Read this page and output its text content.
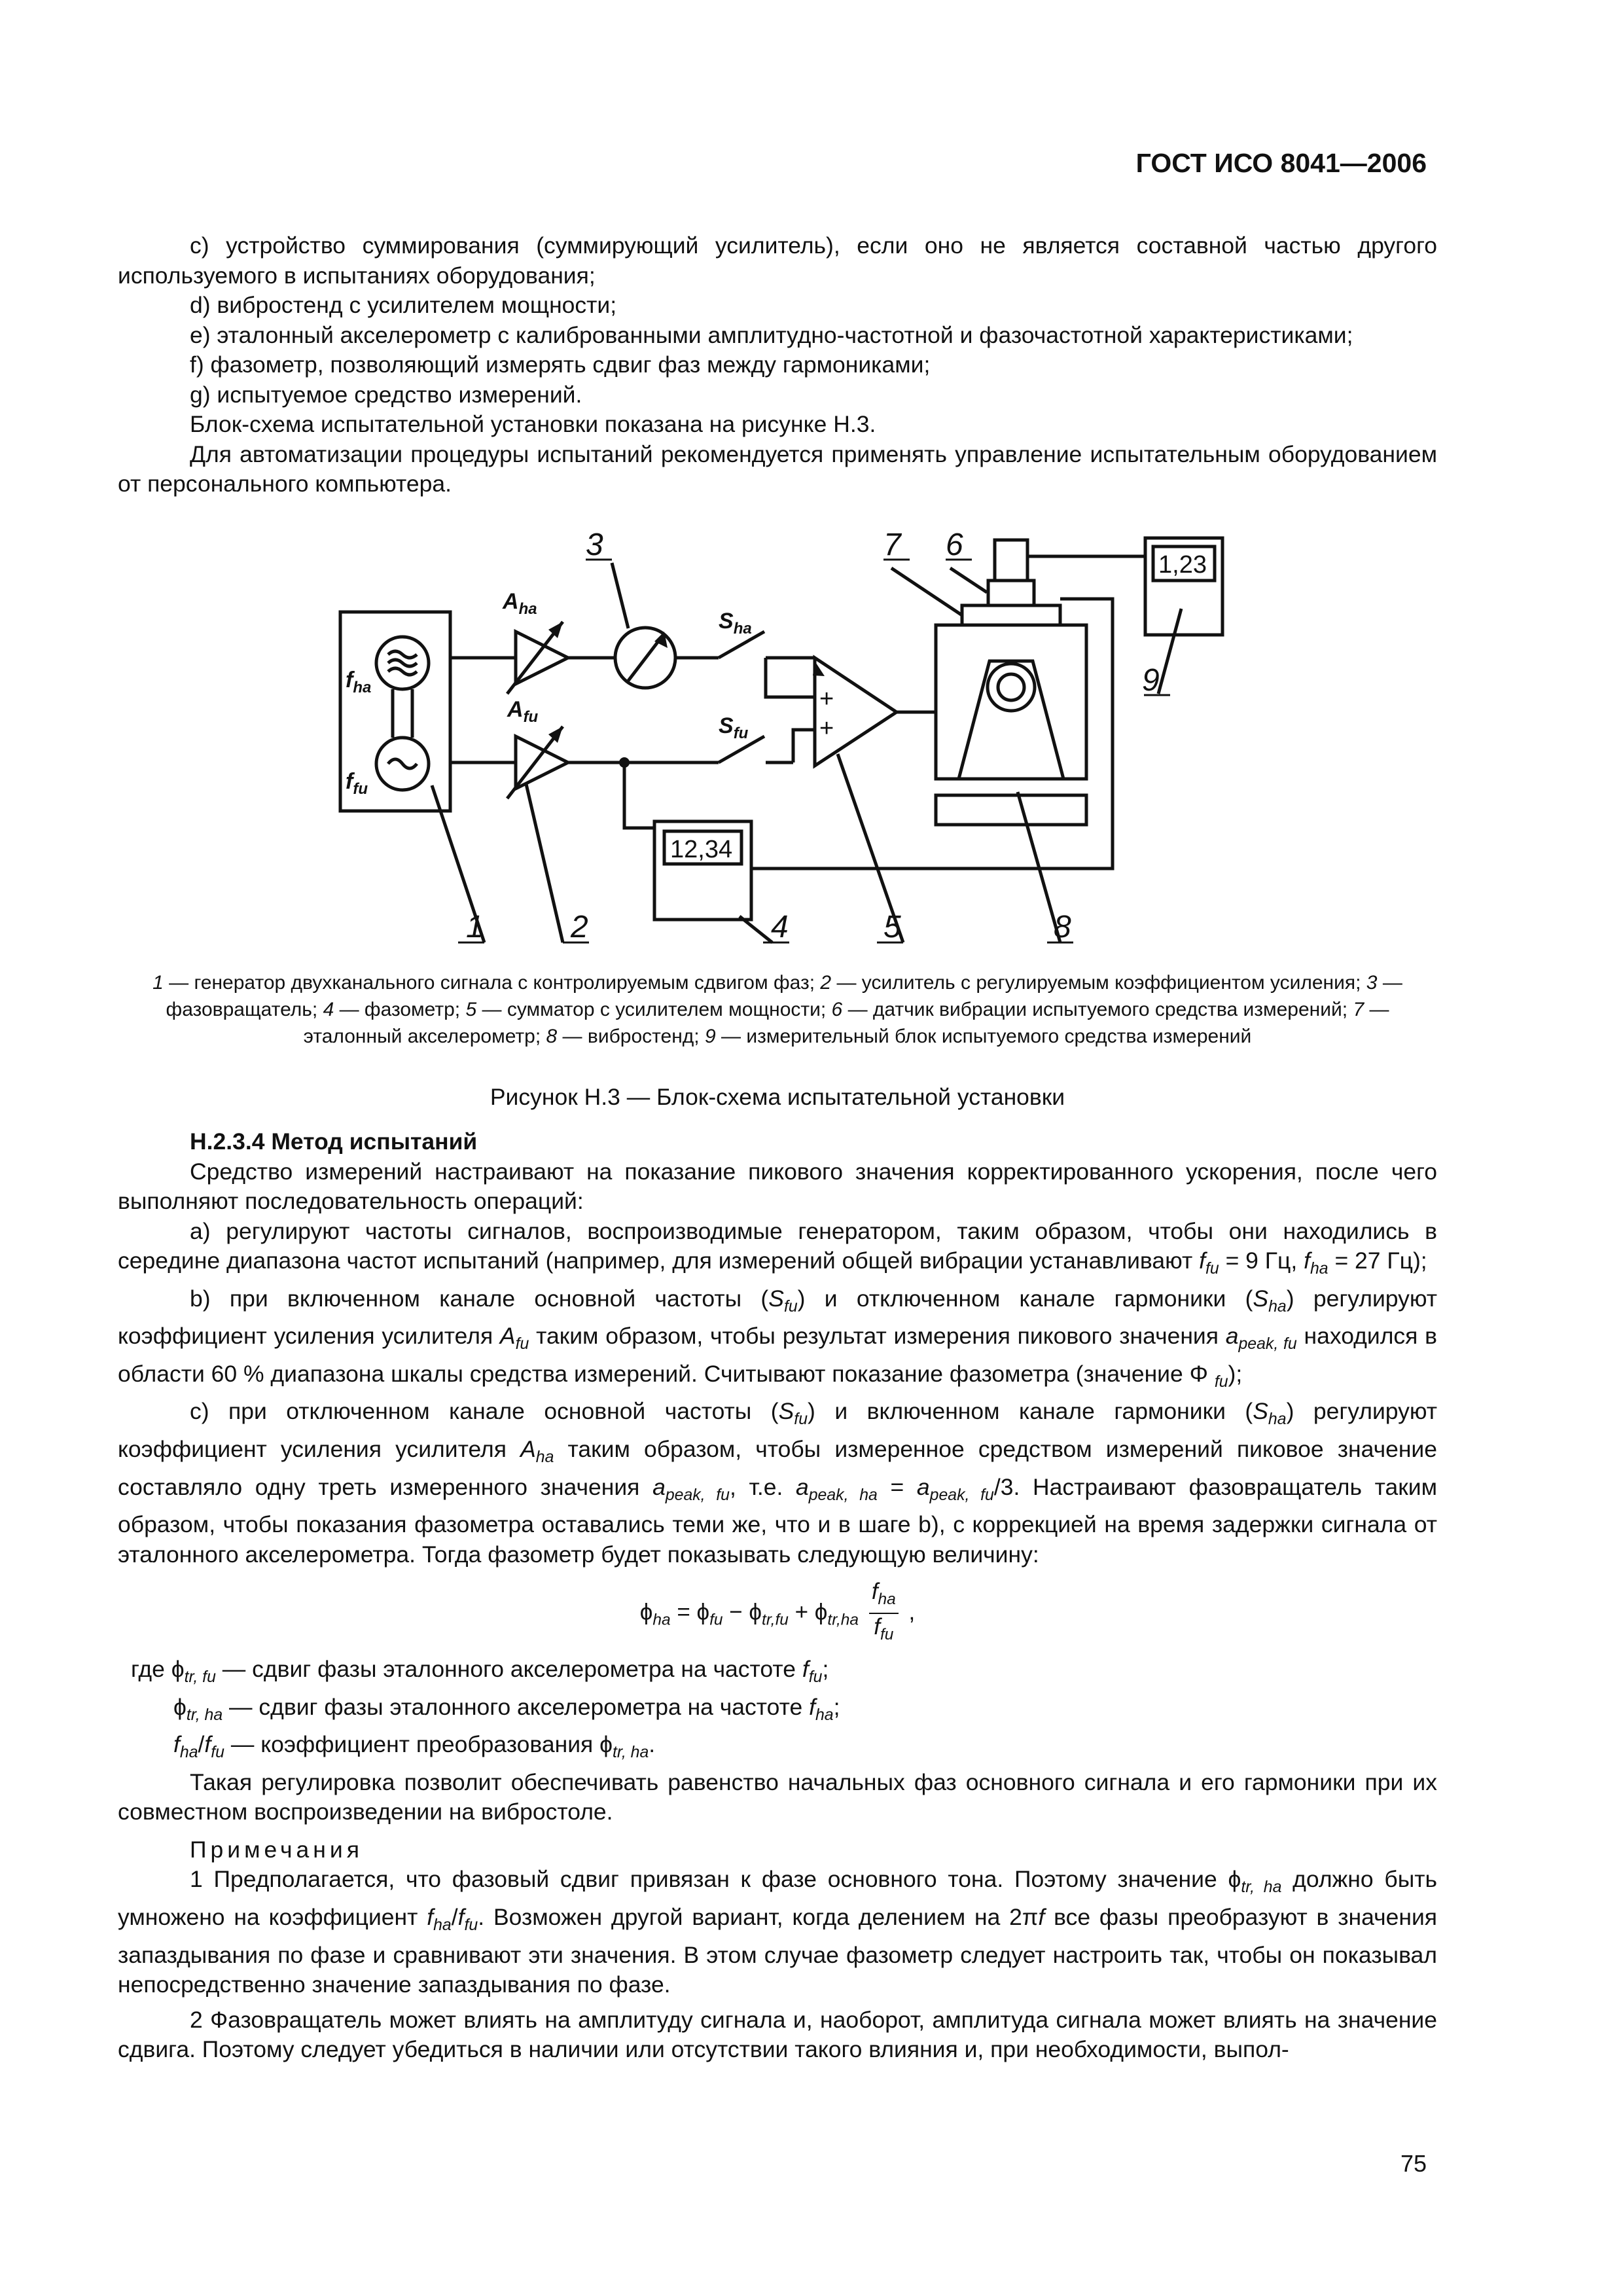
ГОСТ ИСО 8041—2006

c) устройство суммирования (суммирующий усилитель), если оно не является составной частью другого используемого в испытаниях оборудования;

d) вибростенд с усилителем мощности;

e) эталонный акселерометр с калиброванными амплитудно-частотной и фазочастотной характеристиками;

f) фазометр, позволяющий измерять сдвиг фаз между гармониками;

g) испытуемое средство измерений.

Блок-схема испытательной установки показана на рисунке Н.3.

Для автоматизации процедуры испытаний рекомендуется применять управление испытательным оборудованием от персонального компьютера.

3	7 6
9
1	2	4	5	8
12,34
1,23
+
+
$f_{ha}$
$f_{fu}$
$A_{ha}$
$A_{fu}$
$S_{ha}$
$S_{fu}$
1 — генератор двухканального сигнала с контролируемым сдвигом фаз; 2 — усилитель с регулируемым коэффициентом усиления; 3 — фазовращатель; 4 — фазометр; 5 — сумматор с усилителем мощности; 6 — датчик вибрации испытуемого средства измерений; 7 — эталонный акселерометр; 8 — вибростенд; 9 — измерительный блок испытуемого средства измерений
Рисунок Н.3 — Блок-схема испытательной установки

Н.2.3.4 Метод испытаний

Средство измерений настраивают на показание пикового значения корректированного ускорения, после чего выполняют последовательность операций:

a) регулируют частоты сигналов, воспроизводимые генератором, таким образом, чтобы они находились в середине диапазона частот испытаний (например, для измерений общей вибрации устанавливают $f_{fu} = 9$ Гц, $f_{ha} = 27$ Гц);

b) при включенном канале основной частоты $(S_{fu})$ и отключенном канале гармоники $(S_{ha})$ регулируют коэффициент усиления усилителя $A_{fu}$ таким образом, чтобы результат измерения пикового значения $a_{peak, fu}$ находился в области 60 % диапазона шкалы средства измерений. Считывают показание фазометра (значение Φ $_{fu}$);

c) при отключенном канале основной частоты $(S_{fu})$ и включенном канале гармоники $(S_{ha})$ регулируют коэффициент усиления усилителя $A_{ha}$ таким образом, чтобы измеренное средством измерений пиковое значение составляло одну треть измеренного значения $a_{peak, fu}$, т.е. $a_{peak, ha} = a_{peak, fu}/3$. Настраивают фазовращатель таким образом, чтобы показания фазометра оставались теми же, что и в шаге b), с коррекцией на время задержки сигнала от эталонного акселерометра. Тогда фазометр будет показывать следующую величину:

$\phi_{ha} = \phi_{fu} - \phi_{tr,fu} + \phi_{tr,ha} \frac{f_{ha}}{f_{fu}}$ ,

где $\phi_{tr, fu}$ — сдвиг фазы эталонного акселерометра на частоте $f_{fu}$;

$\phi_{tr, ha}$ — сдвиг фазы эталонного акселерометра на частоте $f_{ha}$;

$f_{ha}/f_{fu}$ — коэффициент преобразования $\phi_{tr, ha}$.

Такая регулировка позволит обеспечивать равенство начальных фаз основного сигнала и его гармоники при их совместном воспроизведении на вибростоле.

Примечания

1 Предполагается, что фазовый сдвиг привязан к фазе основного тона. Поэтому значение $\phi_{tr, ha}$ должно быть умножено на коэффициент $f_{ha}/f_{fu}$. Возможен другой вариант, когда делением на 2πf все фазы преобразуют в значения запаздывания по фазе и сравнивают эти значения. В этом случае фазометр следует настроить так, чтобы он показывал непосредственно значение запаздывания по фазе.

2 Фазовращатель может влиять на амплитуду сигнала и, наоборот, амплитуда сигнала может влиять на значение сдвига. Поэтому следует убедиться в наличии или отсутствии такого влияния и, при необходимости, выпол-

75
